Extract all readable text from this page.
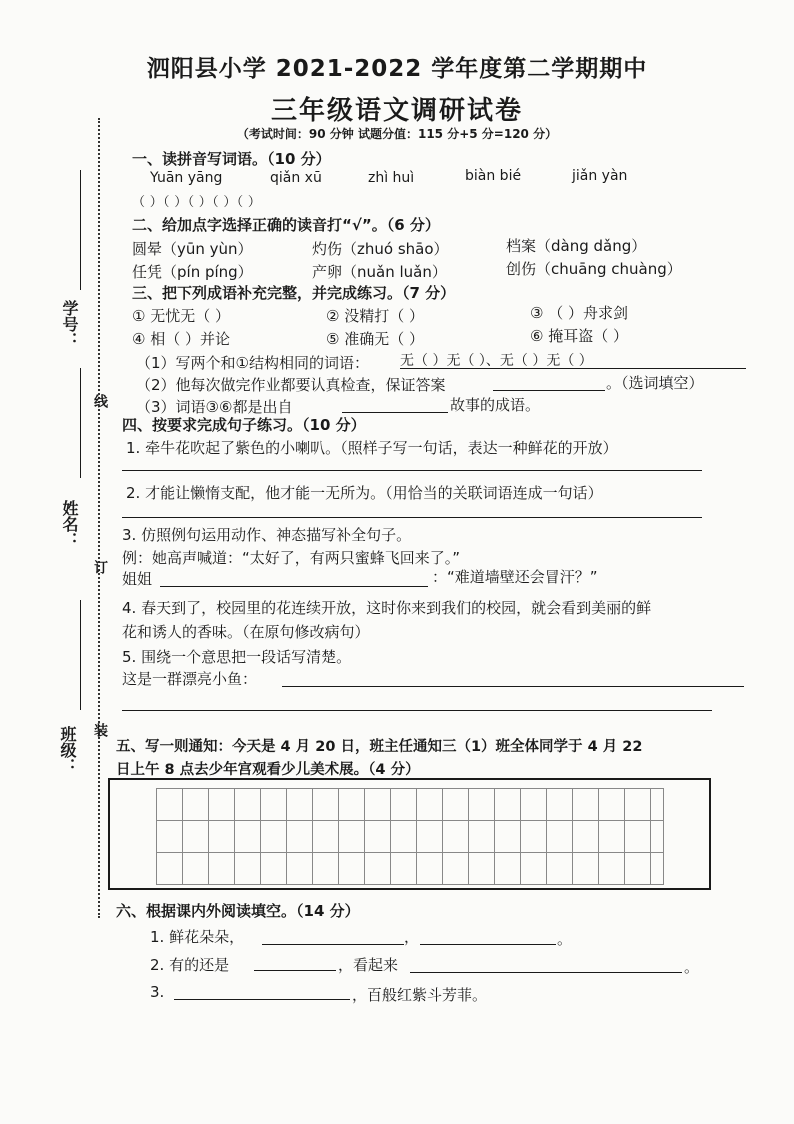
泗阳县小学 2021-2022 学年度第二学期期中
三年级语文调研试卷
（考试时间：90 分钟 试题分值：115 分+5 分=120 分）
学号：
线
姓名：
订
装
班级：
一、读拼音写词语。（10 分）
Yuān yāng	qiǎn xū	zhì huì	biàn bié	jiǎn yàn
（ ）（ ）（ ）（ ）（ ）
二、给加点字选择正确的读音打“√”。（6 分）
圆晕（yūn yùn）	灼伤（zhuó shāo）	档案（dàng dǎng）
任凭（pín píng）	产卵（nuǎn luǎn）	创伤（chuāng chuàng）
三、把下列成语补充完整，并完成练习。（7 分）
① 无忧无（ ）	② 没精打（ ）	③ （ ）舟求剑
④ 相（ ）并论	⑤ 准确无（ ）	⑥ 掩耳盗（ ）
（1）写两个和①结构相同的词语： 无（ ）无（ ）、无（ ）无（ ）
（2）他每次做完作业都要认真检查，保证答案	。（选词填空）
（3）词语③⑥都是出自	故事的成语。
四、按要求完成句子练习。（10 分）
1. 牵牛花吹起了紫色的小喇叭。（照样子写一句话，表达一种鲜花的开放）
2. 才能让懒惰支配，他才能一无所为。（用恰当的关联词语连成一句话）
3. 仿照例句运用动作、神态描写补全句子。
例：她高声喊道：“太好了，有两只蜜蜂飞回来了。”
姐姐	：“难道墙壁还会冒汗？”
4. 春天到了，校园里的花连续开放，这时你来到我们的校园，就会看到美丽的鲜
花和诱人的香味。（在原句修改病句）
5. 围绕一个意思把一段话写清楚。
这是一群漂亮小鱼：
五、写一则通知：今天是 4 月 20 日，班主任通知三（1）班全体同学于 4 月 22
日上午 8 点去少年宫观看少儿美术展。（4 分）
六、根据课内外阅读填空。（14 分）
1. 鲜花朵朵，	，	。
2. 有的还是	，看起来	。
3.	，百般红紫斗芳菲。
